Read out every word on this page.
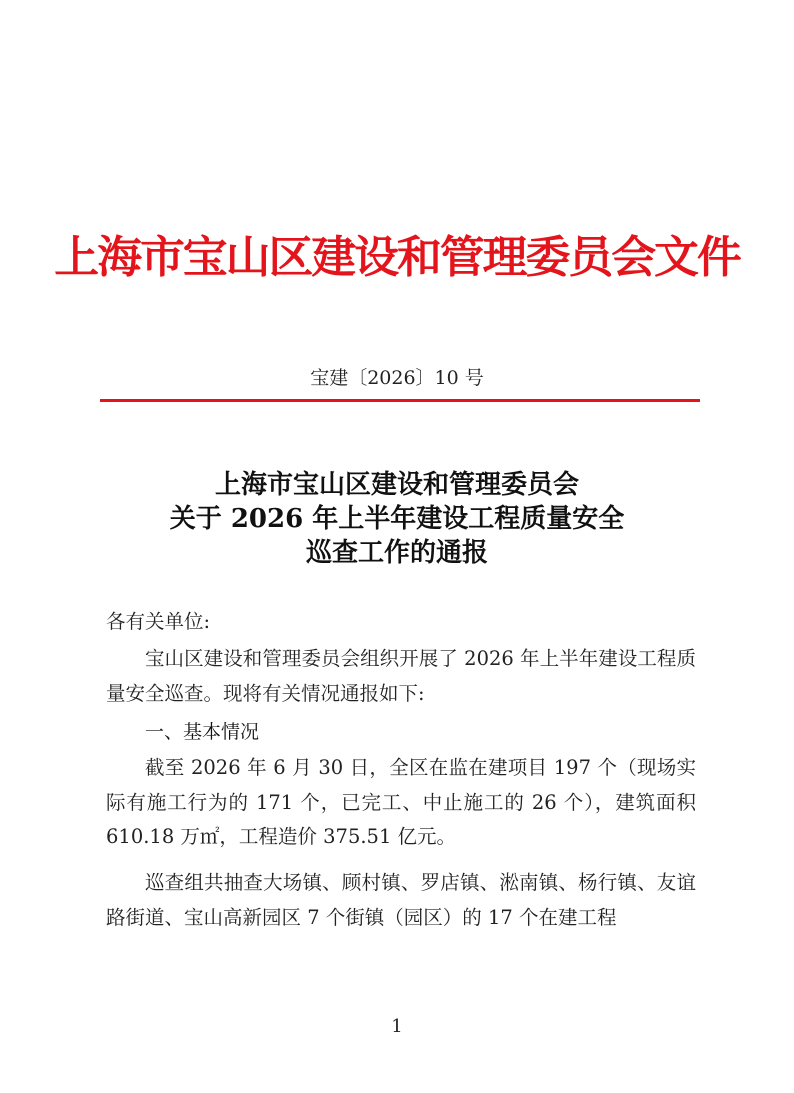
上海市宝山区建设和管理委员会文件
宝建〔2026〕10 号
上海市宝山区建设和管理委员会
关于 2026 年上半年建设工程质量安全
巡查工作的通报
各有关单位:
宝山区建设和管理委员会组织开展了 2026 年上半年建设工程质量安全巡查。现将有关情况通报如下:
一、基本情况
截至 2026 年 6 月 30 日，全区在监在建项目 197 个（现场实际有施工行为的 171 个，已完工、中止施工的 26 个），建筑面积 610.18 万㎡，工程造价 375.51 亿元。
巡查组共抽查大场镇、顾村镇、罗店镇、淞南镇、杨行镇、友谊路街道、宝山高新园区 7 个街镇（园区）的 17 个在建工程
1
